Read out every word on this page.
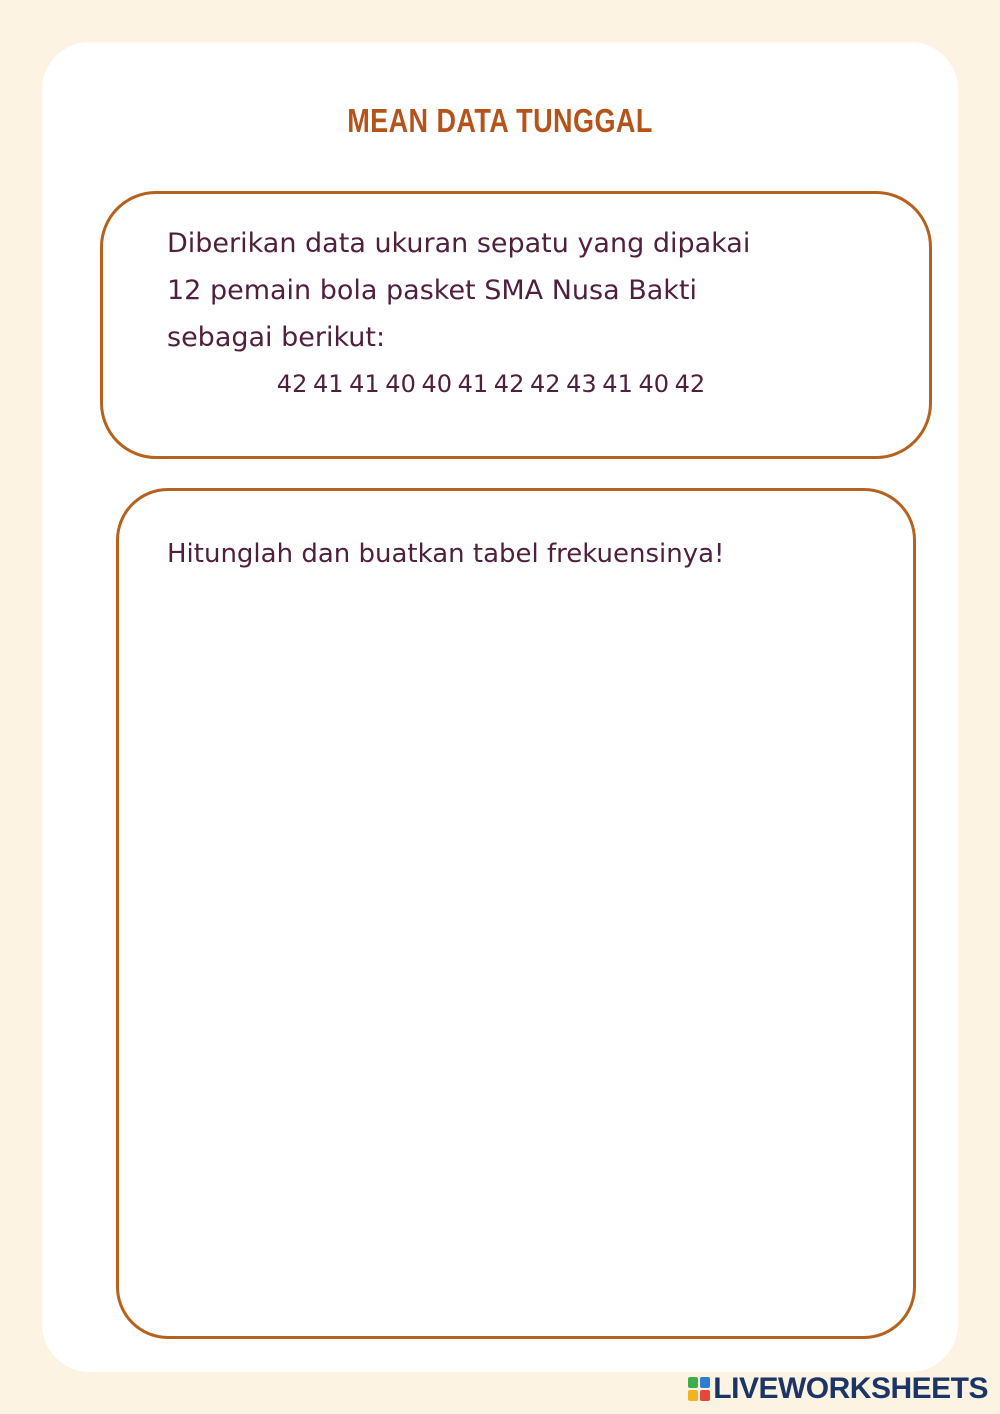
MEAN DATA TUNGGAL
Diberikan data ukuran sepatu yang dipakai
12 pemain bola pasket SMA Nusa Bakti
sebagai berikut:
42 41 41 40 40 41 42 42 43 41 40 42
Hitunglah dan buatkan tabel frekuensinya!
LIVEWORKSHEETS
